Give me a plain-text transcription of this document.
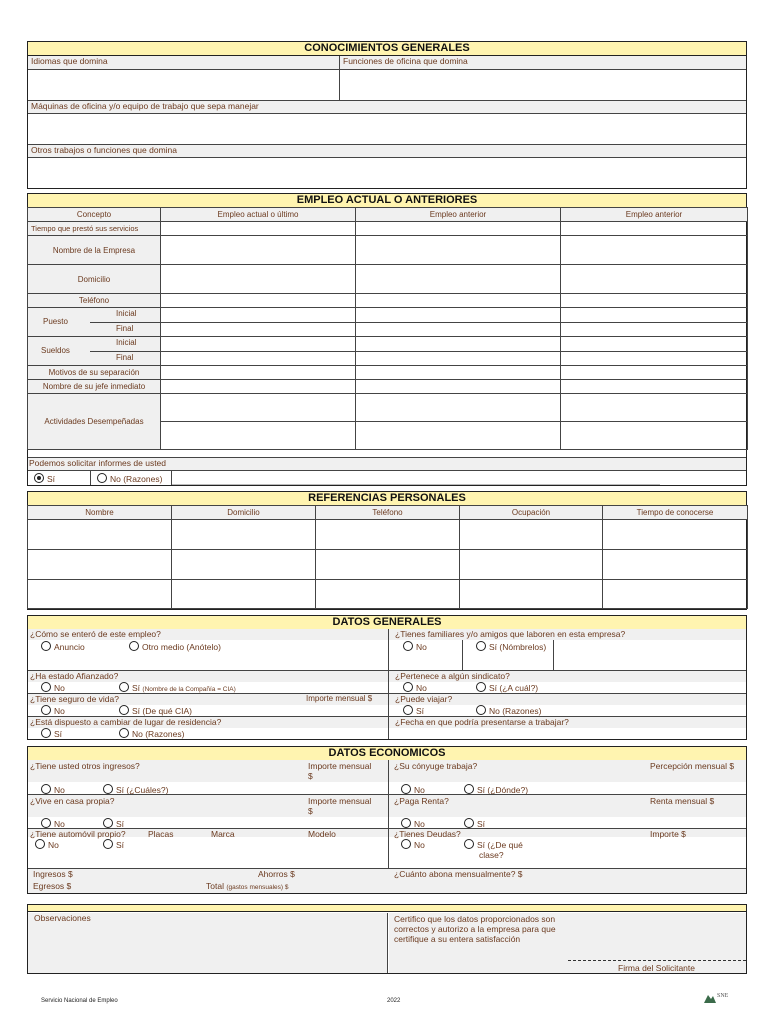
CONOCIMIENTOS GENERALES
Idiomas que domina	Funciones de oficina que domina
Máquinas de oficina y/o equipo de trabajo que sepa manejar
Otros trabajos o funciones que domina
EMPLEO ACTUAL O ANTERIORES
Concepto	Empleo actual o último	Empleo anterior	Empleo anterior
Tiempo que prestó sus servicios			
Nombre de la Empresa			
Domicilio			
Teléfono			

Puesto
Inicial
Final			

Sueldos
Inicial
Final			

Motivos de su separación			
Nombre de su jefe inmediato			
Actividades Desempeñadas			

Podemos solicitar informes de usted
Sí	No (Razones)
REFERENCIAS PERSONALES
Nombre	Domicilio	Teléfono	Ocupación	Tiempo de conocerse

DATOS GENERALES
¿Cómo se enteró de este empleo?
Anuncio	Otro medio (Anótelo)
¿Tienes familiares y/o amigos que laboren en esta empresa?
No	Sí (Nómbrelos)
¿Ha estado Afianzado?
No	Sí (Nombre de la Compañía = CIA)
¿Pertenece a algún sindicato?
No	Sí (¿A cuál?)
¿Tiene seguro de vida?	Importe mensual $
No	Sí (De qué CIA)
¿Puede viajar?
Sí	No (Razones)
¿Está dispuesto a cambiar de lugar de residencia?
Sí	No (Razones)
¿Fecha en que podría presentarse a trabajar?
DATOS ECONOMICOS
¿Tiene usted otros ingresos?	Importe mensual
$
No	Sí (¿Cuáles?)
¿Su cónyuge trabaja?	Percepción mensual $
No	Sí (¿Dónde?)
¿Vive en casa propia?	Importe mensual
$
No	Sí
¿Paga Renta?	Renta mensual $
No	Sí
¿Tiene automóvil propio?	Placas	Marca	Modelo
No	Sí
¿Tienes Deudas?	Importe $
No	Sí (¿De qué
clase?
Ingresos $	Ahorros $
Egresos $	Total (gastos mensuales) $
¿Cuánto abona mensualmente? $
Observaciones	Certifico que los datos proporcionados son correctos y autorizo a la empresa para que certifique a su entera satisfacción
Firma del Solicitante
Servicio Nacional de Empleo	2022
SNE
